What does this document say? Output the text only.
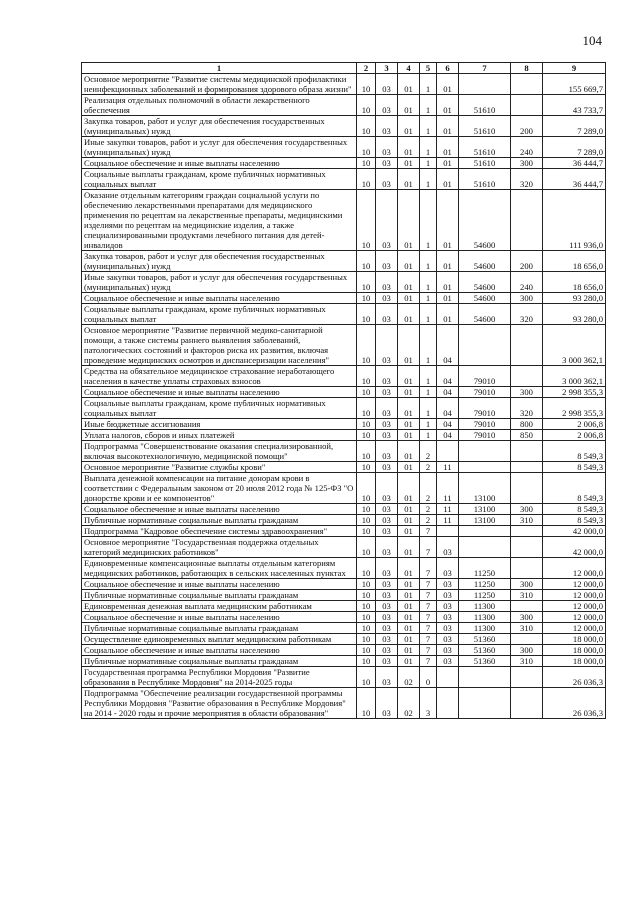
104
1	2	3	4	5	6	7	8	9
Основное мероприятие "Развитие системы медицинской профилактики неинфекционных заболеваний и формирования здорового образа жизни"	10	03	01	1	01			155 669,7
Реализация отдельных полномочий в области лекарственного обеспечения	10	03	01	1	01	51610		43 733,7
Закупка товаров, работ и услуг для обеспечения государственных (муниципальных) нужд	10	03	01	1	01	51610	200	7 289,0
Иные закупки товаров, работ и услуг для обеспечения государственных (муниципальных) нужд	10	03	01	1	01	51610	240	7 289,0
Социальное обеспечение и иные выплаты населению	10	03	01	1	01	51610	300	36 444,7
Социальные выплаты гражданам, кроме публичных нормативных социальных выплат	10	03	01	1	01	51610	320	36 444,7
Оказание отдельным категориям граждан социальной услуги по обеспечению лекарственными препаратами для медицинского применения по рецептам на лекарственные препараты, медицинскими изделиями по рецептам на медицинские изделия, а также специализированными продуктами лечебного питания для детей-инвалидов	10	03	01	1	01	54600		111 936,0
Закупка товаров, работ и услуг для обеспечения государственных (муниципальных) нужд	10	03	01	1	01	54600	200	18 656,0
Иные закупки товаров, работ и услуг для обеспечения государственных (муниципальных) нужд	10	03	01	1	01	54600	240	18 656,0
Социальное обеспечение и иные выплаты населению	10	03	01	1	01	54600	300	93 280,0
Социальные выплаты гражданам, кроме публичных нормативных социальных выплат	10	03	01	1	01	54600	320	93 280,0
Основное мероприятие "Развитие первичной медико-санитарной помощи, а также системы раннего выявления заболеваний, патологических состояний и факторов риска их развития, включая проведение медицинских осмотров и диспансеризации населения"	10	03	01	1	04			3 000 362,1
Средства на обязательное медицинское страхование неработающего населения в качестве уплаты страховых взносов	10	03	01	1	04	79010		3 000 362,1
Социальное обеспечение и иные выплаты населению	10	03	01	1	04	79010	300	2 998 355,3
Социальные выплаты гражданам, кроме публичных нормативных социальных выплат	10	03	01	1	04	79010	320	2 998 355,3
Иные бюджетные ассигнования	10	03	01	1	04	79010	800	2 006,8
Уплата налогов, сборов и иных платежей	10	03	01	1	04	79010	850	2 006,8
Подпрограмма "Совершенствование оказания специализированной, включая высокотехнологичную, медицинской помощи"	10	03	01	2				8 549,3
Основное мероприятие "Развитие службы крови"	10	03	01	2	11			8 549,3
Выплата денежной компенсации на питание донорам крови в соответствии с Федеральным законом от 20 июля 2012 года № 125-ФЗ "О донорстве крови и ее компонентов"	10	03	01	2	11	13100		8 549,3
Социальное обеспечение и иные выплаты населению	10	03	01	2	11	13100	300	8 549,3
Публичные нормативные социальные выплаты гражданам	10	03	01	2	11	13100	310	8 549,3
Подпрограмма "Кадровое обеспечение системы здравоохранения"	10	03	01	7				42 000,0
Основное мероприятие "Государственная поддержка отдельных категорий медицинских работников"	10	03	01	7	03			42 000,0
Единовременные компенсационные выплаты отдельным категориям медицинских работников, работающих в сельских населенных пунктах	10	03	01	7	03	11250		12 000,0
Социальное обеспечение и иные выплаты населению	10	03	01	7	03	11250	300	12 000,0
Публичные нормативные социальные выплаты гражданам	10	03	01	7	03	11250	310	12 000,0
Единовременная денежная выплата медицинским работникам	10	03	01	7	03	11300		12 000,0
Социальное обеспечение и иные выплаты населению	10	03	01	7	03	11300	300	12 000,0
Публичные нормативные социальные выплаты гражданам	10	03	01	7	03	11300	310	12 000,0
Осуществление единовременных выплат медицинским работникам	10	03	01	7	03	51360		18 000,0
Социальное обеспечение и иные выплаты населению	10	03	01	7	03	51360	300	18 000,0
Публичные нормативные социальные выплаты гражданам	10	03	01	7	03	51360	310	18 000,0
Государственная программа Республики Мордовия "Развитие образования в Республике Мордовия" на 2014-2025 годы	10	03	02	0				26 036,3
Подпрограмма "Обеспечение реализации государственной программы Республики Мордовия "Развитие образования в Республике Мордовия" на 2014 - 2020 годы и прочие мероприятия в области образования"	10	03	02	3				26 036,3
